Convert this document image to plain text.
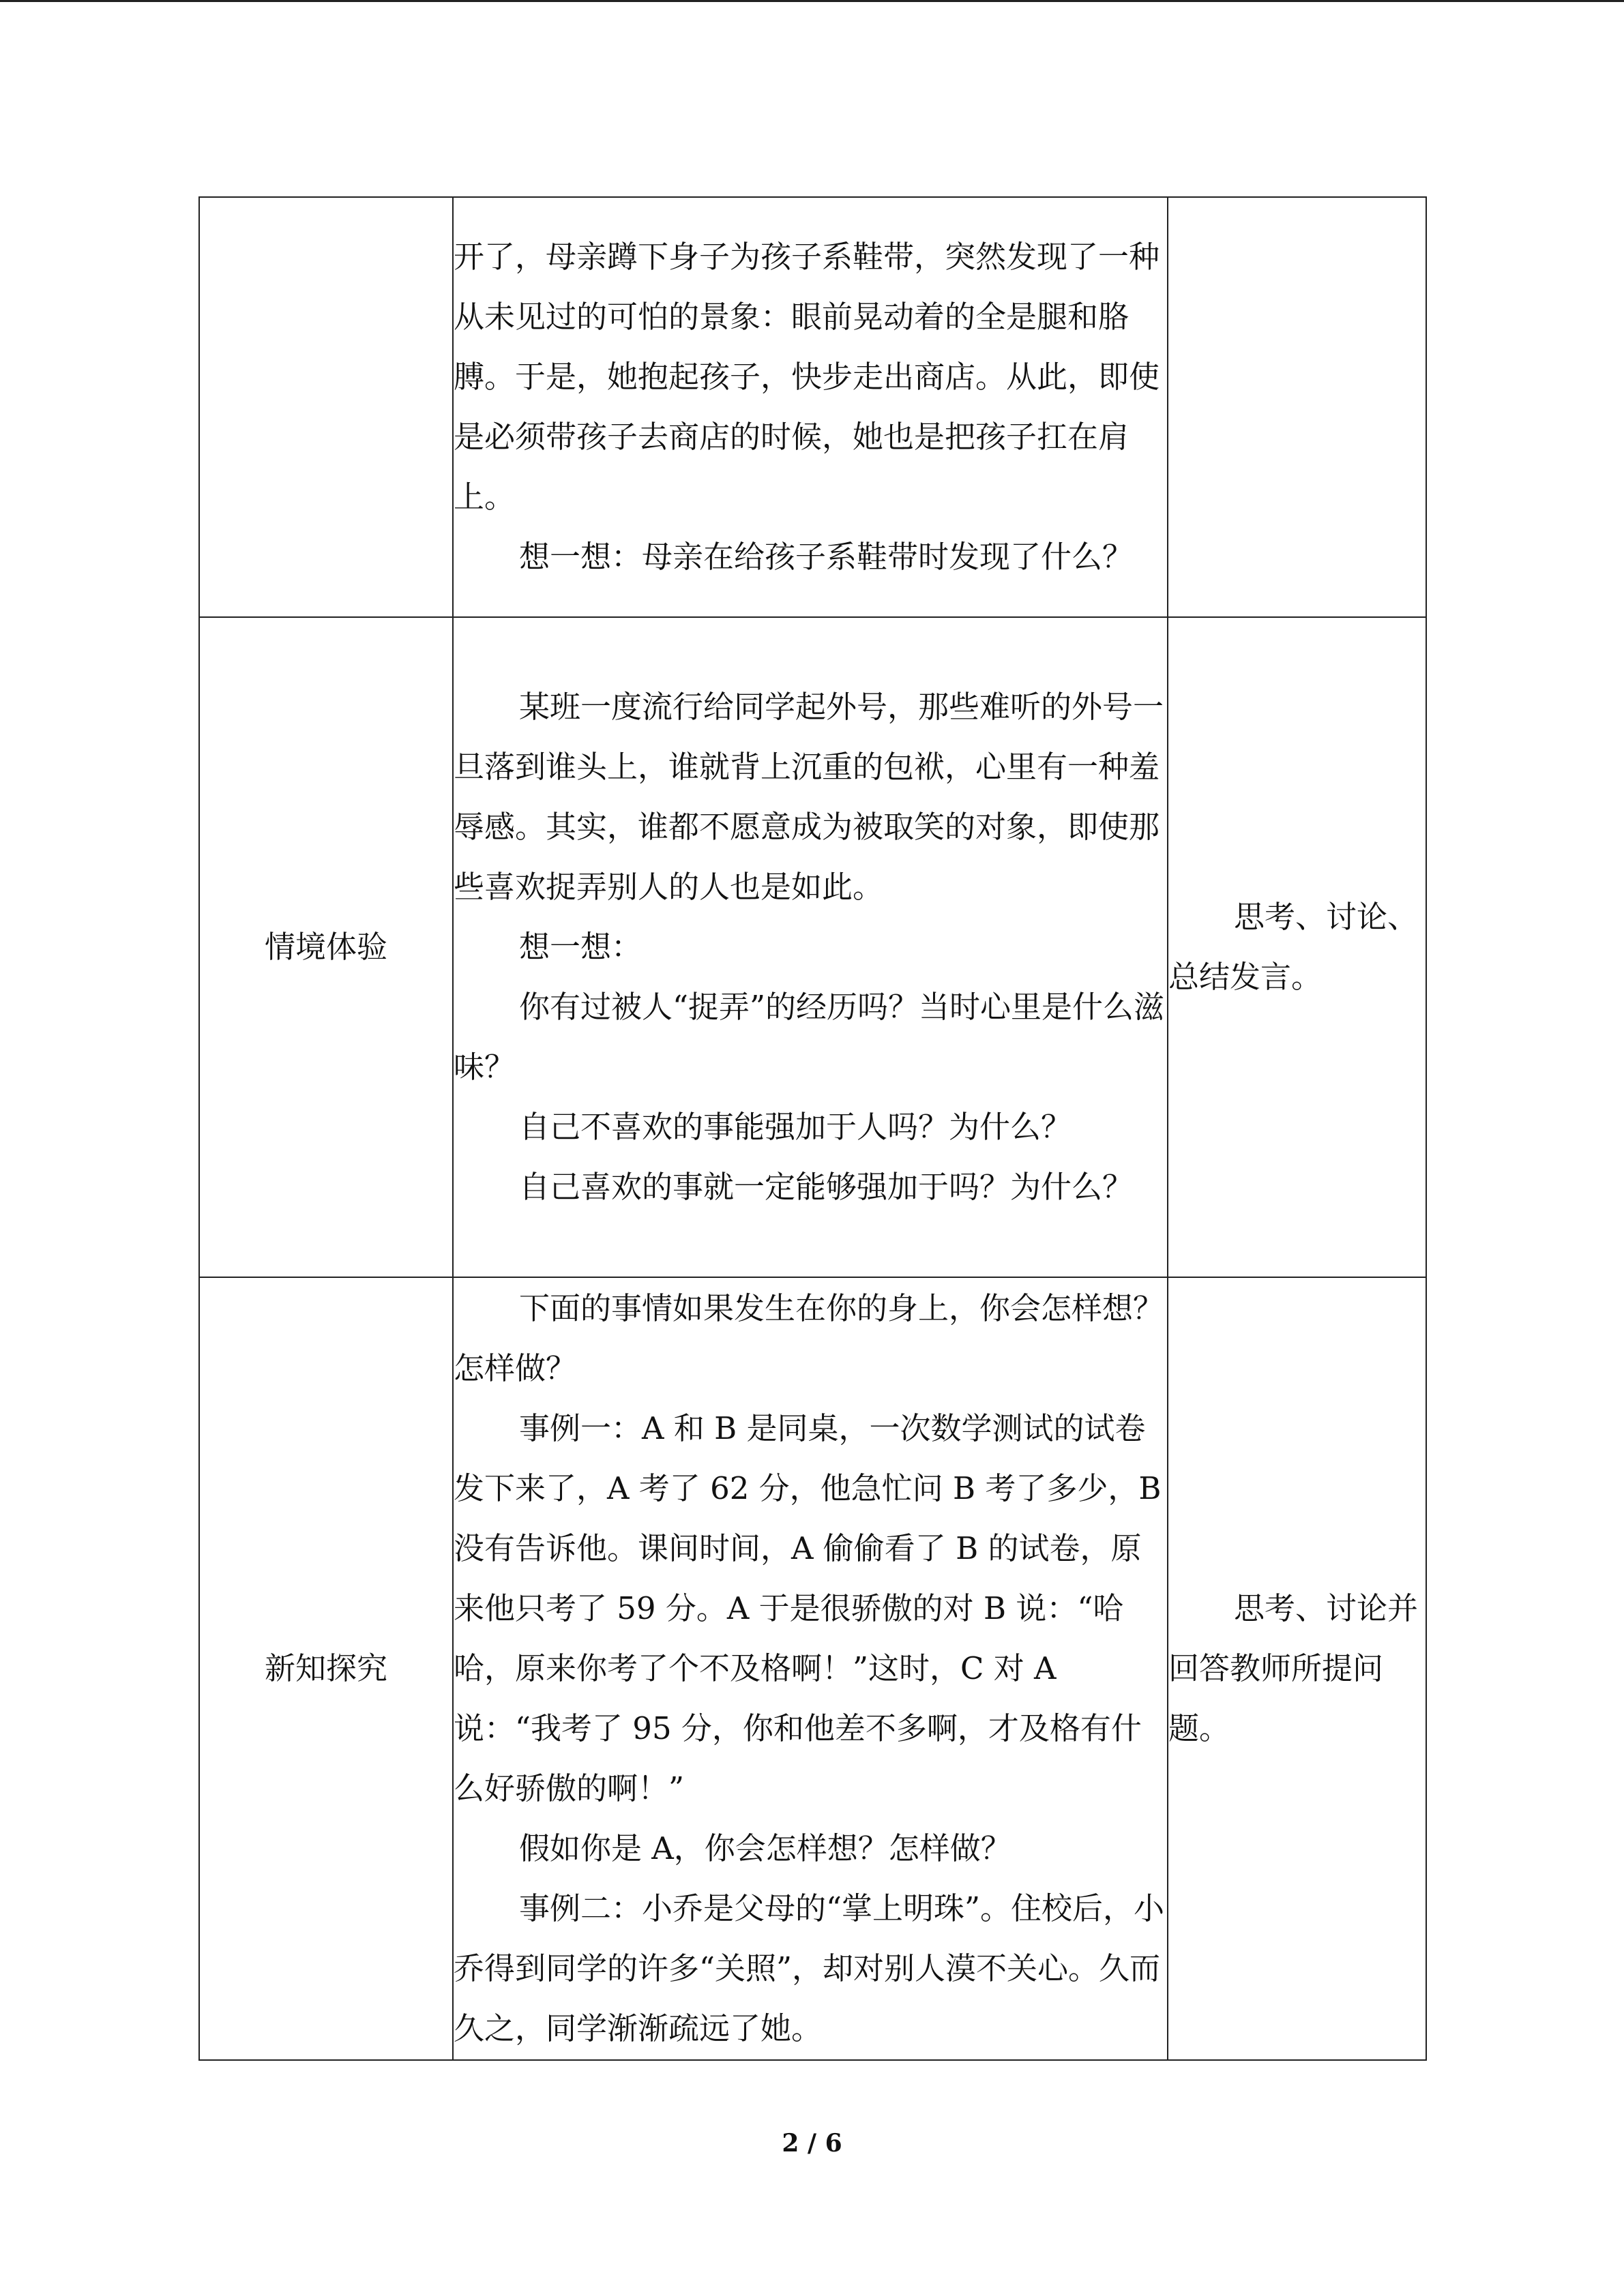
	开了，母亲蹲下身子为孩子系鞋带，突然发现了一种从未见过的可怕的景象：眼前晃动着的全是腿和胳膊。于是，她抱起孩子，快步走出商店。从此，即使是必须带孩子去商店的时候，她也是把孩子扛在肩上。

想一想：母亲在给孩子系鞋带时发现了什么？	

情境体验	某班一度流行给同学起外号，那些难听的外号一旦落到谁头上，谁就背上沉重的包袱，心里有一种羞辱感。其实，谁都不愿意成为被取笑的对象，即使那些喜欢捉弄别人的人也是如此。

想一想：

你有过被人“捉弄”的经历吗？当时心里是什么滋味？

自己不喜欢的事能强加于人吗？为什么？

自己喜欢的事就一定能够强加于吗？为什么？	思考、讨论、总结发言。

新知探究	下面的事情如果发生在你的身上，你会怎样想？怎样做？

事例一：A 和 B 是同桌，一次数学测试的试卷发下来了，A 考了 62 分，他急忙问 B 考了多少，B 没有告诉他。课间时间，A 偷偷看了 B 的试卷，原来他只考了 59 分。A 于是很骄傲的对 B 说：“哈哈，原来你考了个不及格啊！”这时，C 对 A 说：“我考了 95 分，你和他差不多啊，才及格有什么好骄傲的啊！”

假如你是 A，你会怎样想？怎样做？

事例二：小乔是父母的“掌上明珠”。住校后，小乔得到同学的许多“关照”，却对别人漠不关心。久而久之，同学渐渐疏远了她。	思考、讨论并回答教师所提问题。

2 / 6
